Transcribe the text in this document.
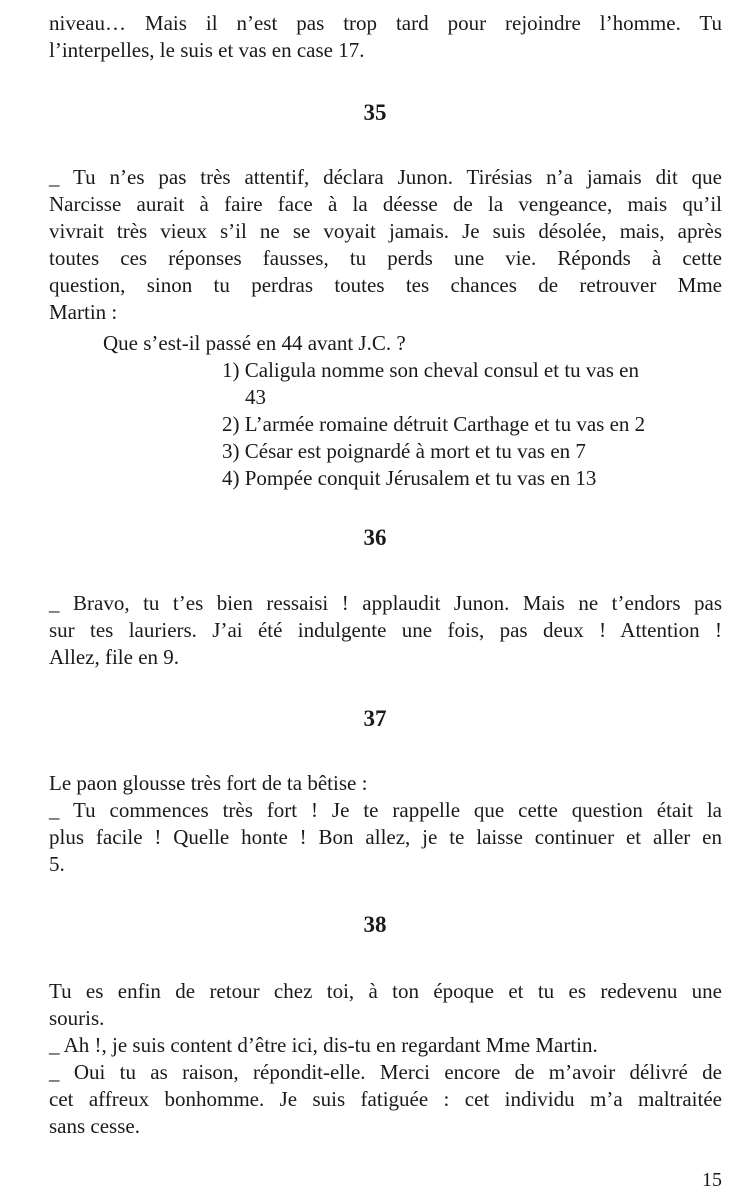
niveau… Mais il n’est pas trop tard pour rejoindre l’homme. Tu

l’interpelles, le suis et vas en case 17.

35

_ Tu n’es pas très attentif, déclara Junon. Tirésias n’a jamais dit que

Narcisse aurait à faire face à la déesse de la vengeance, mais qu’il

vivrait très vieux s’il ne se voyait jamais. Je suis désolée, mais, après

toutes ces réponses fausses, tu perds une vie. Réponds à cette

question, sinon tu perdras toutes tes chances de retrouver Mme

Martin :

Que s’est-il passé en 44 avant J.C. ?

1) Caligula nomme son cheval consul et tu vas en

43

2) L’armée romaine détruit Carthage et tu vas en 2

3) César est poignardé à mort et tu vas en 7

4) Pompée conquit Jérusalem et tu vas en 13

36

_ Bravo, tu t’es bien ressaisi ! applaudit Junon. Mais ne t’endors pas

sur tes lauriers. J’ai été indulgente une fois, pas deux ! Attention !

Allez, file en 9.

37

Le paon glousse très fort de ta bêtise :

_ Tu commences très fort ! Je te rappelle que cette question était la

plus facile ! Quelle honte ! Bon allez, je te laisse continuer et aller en

5.

38

Tu es enfin de retour chez toi, à ton époque et tu es redevenu une

souris.

_ Ah !, je suis content d’être ici, dis-tu en regardant Mme Martin.

_ Oui tu as raison, répondit-elle. Merci encore de m’avoir délivré de

cet affreux bonhomme. Je suis fatiguée : cet individu m’a maltraitée

sans cesse.

15
